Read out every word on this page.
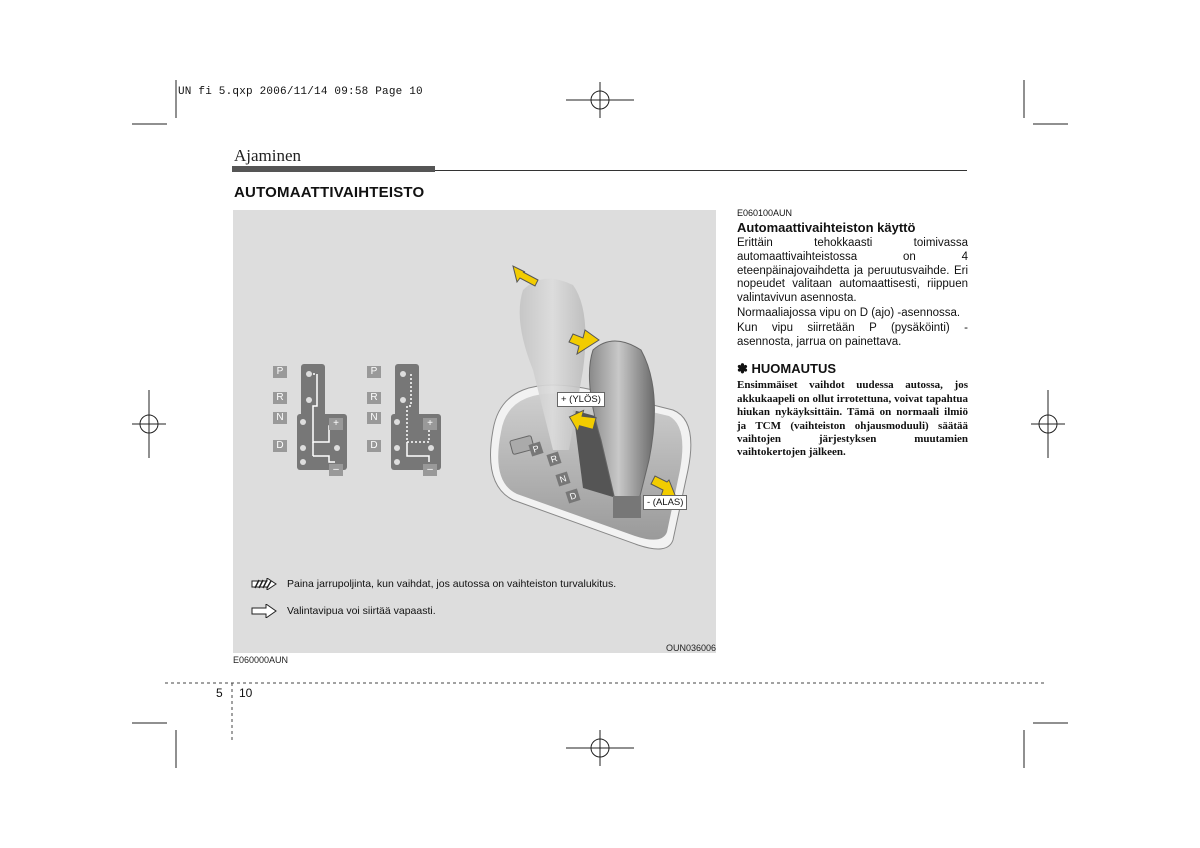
UN fi 5.qxp 2006/11/14 09:58 Page 10
Ajaminen
AUTOMAATTIVAIHTEISTO
P
R
N
D
+
–
P
R
N
D
+
–
P
R
N
D
+ (YLÖS)
- (ALAS)
Paina jarrupoljinta, kun vaihdat, jos autossa on vaihteiston turvalukitus.
Valintavipua voi siirtää vapaasti.
OUN036006
E060000AUN
E060100AUN
Automaattivaihteiston käyttö

Erittäin tehokkaasti toimivassa automaattivaihteistossa on 4 eteenpäinajovaihdetta ja peruutusvaihde. Eri nopeudet valitaan automaattisesti, riippuen valintavivun asennosta.

Normaaliajossa vipu on D (ajo) -asennossa.

Kun vipu siirretään P (pysäköinti) -asennosta, jarrua on painettava.

✽ HUOMAUTUS
Ensimmäiset vaihdot uudessa autossa, jos akkukaapeli on ollut irrotettuna, voivat tapahtua hiukan nykäyksittäin. Tämä on normaali ilmiö ja TCM (vaihteiston ohjausmoduuli) säätää vaihtojen järjestyksen muutamien vaihtokertojen jälkeen.
5 10
